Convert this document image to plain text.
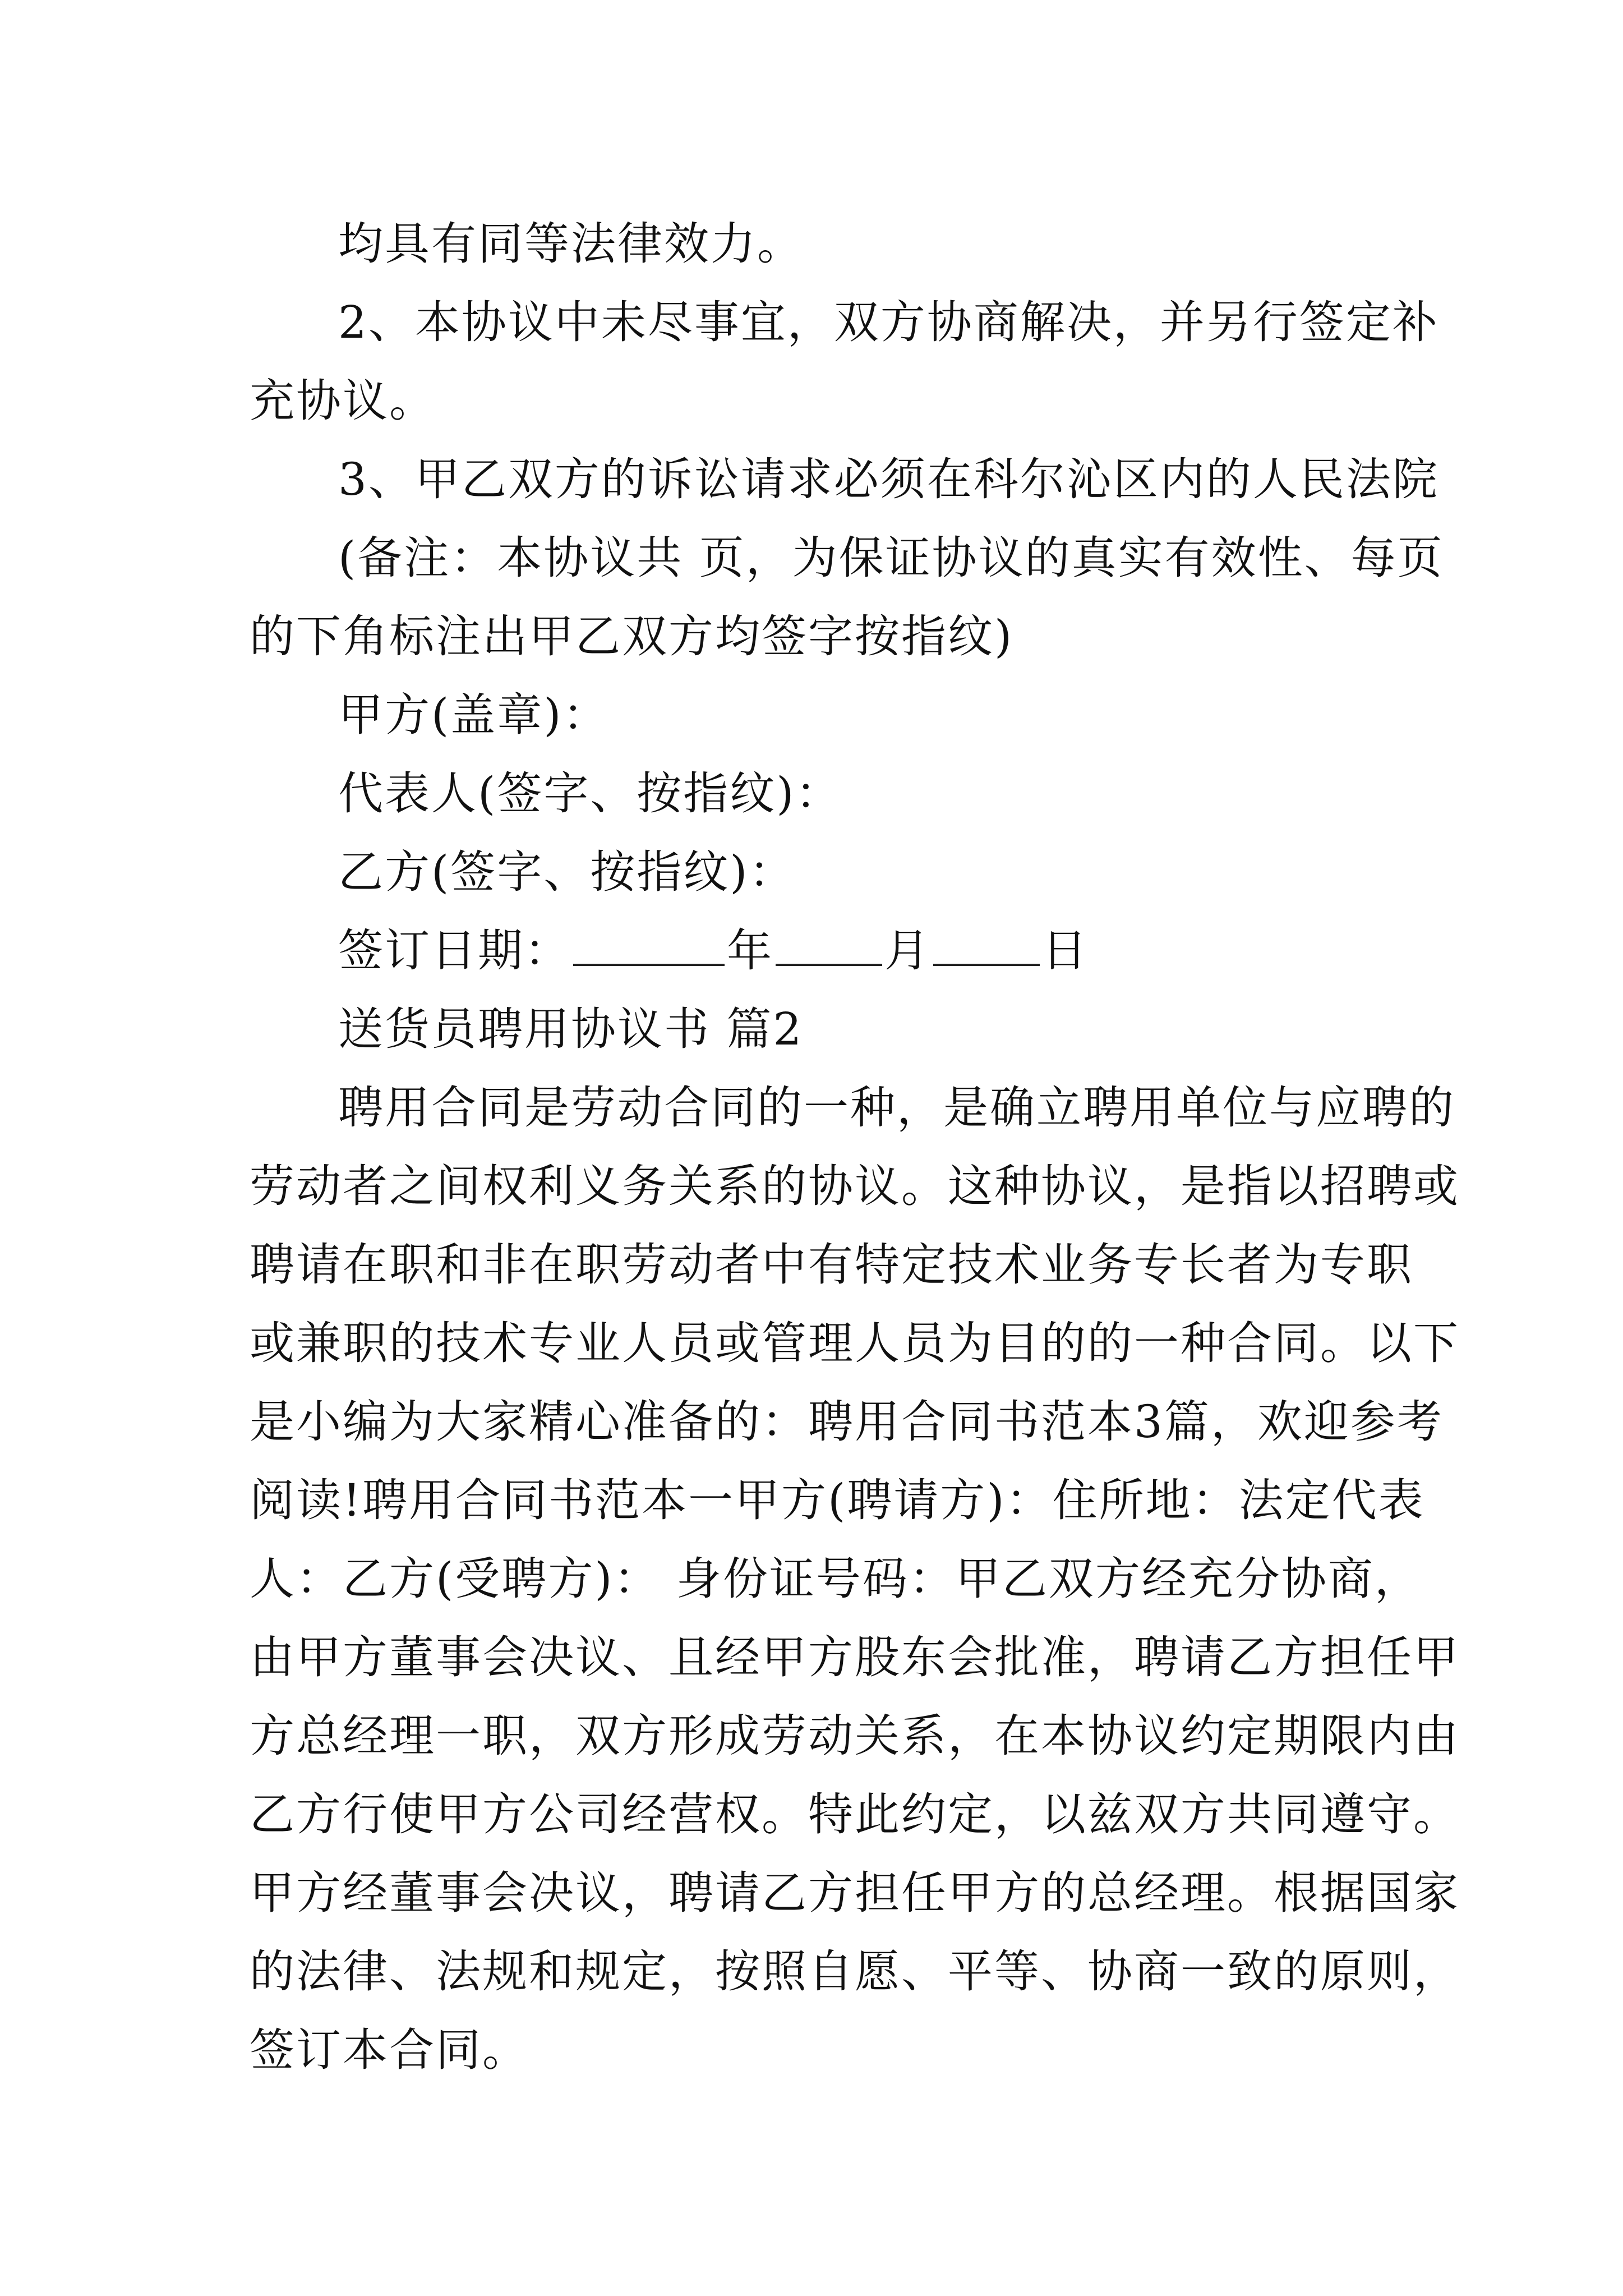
均具有同等法律效力。
2、本协议中未尽事宜，双方协商解决，并另行签定补
充协议。
3、甲乙双方的诉讼请求必须在科尔沁区内的人民法院
(备注：本协议共 页，为保证协议的真实有效性、每页
的下角标注出甲乙双方均签字按指纹)
甲方(盖章)：
代表人(签字、按指纹)：
乙方(签字、按指纹)：
签订日期：	年 月 日
送货员聘用协议书 篇2
聘用合同是劳动合同的一种，是确立聘用单位与应聘的
劳动者之间权利义务关系的协议。这种协议，是指以招聘或
聘请在职和非在职劳动者中有特定技术业务专长者为专职
或兼职的技术专业人员或管理人员为目的的一种合同。以下
是小编为大家精心准备的：聘用合同书范本3篇，欢迎参考
阅读!聘用合同书范本一甲方(聘请方)：住所地：法定代表
人：乙方(受聘方)： 身份证号码：甲乙双方经充分协商，
由甲方董事会决议、且经甲方股东会批准，聘请乙方担任甲
方总经理一职，双方形成劳动关系，在本协议约定期限内由
乙方行使甲方公司经营权。特此约定，以兹双方共同遵守。
甲方经董事会决议，聘请乙方担任甲方的总经理。根据国家
的法律、法规和规定，按照自愿、平等、协商一致的原则，
签订本合同。
